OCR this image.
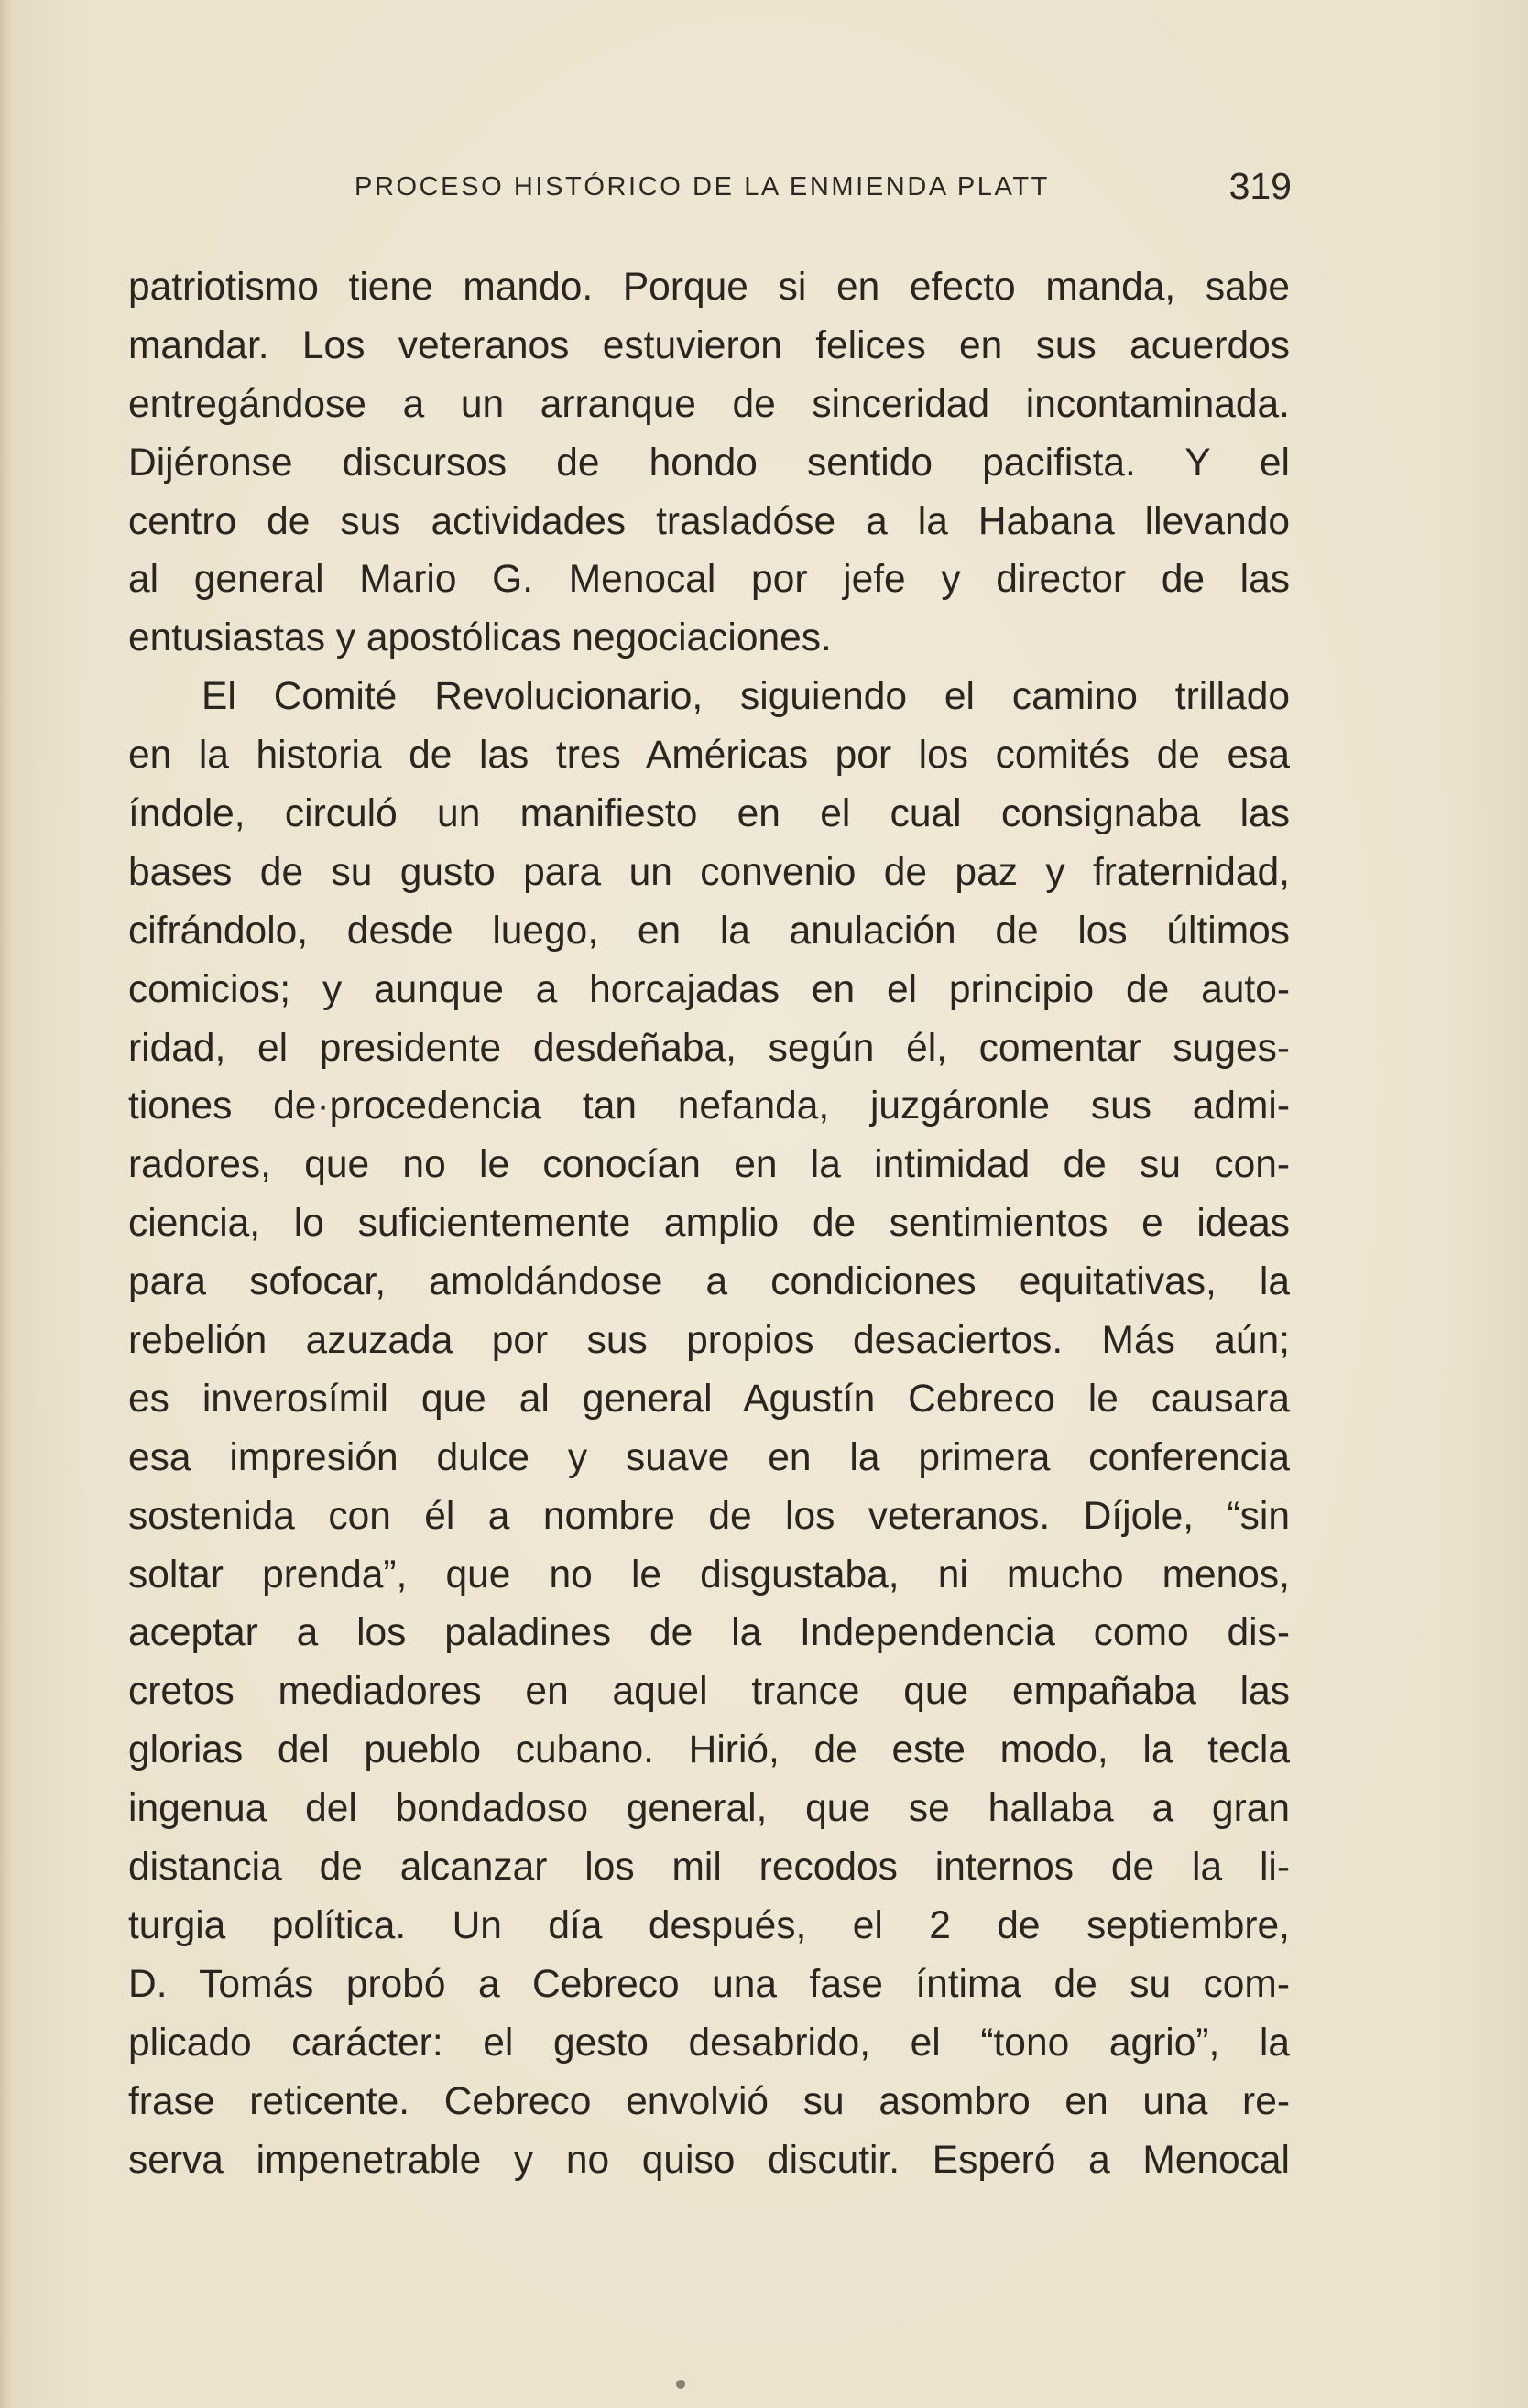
PROCESO HISTÓRICO DE LA ENMIENDA PLATT	319
patriotismo tiene mando. Porque si en efecto manda, sabe
mandar. Los veteranos estuvieron felices en sus acuerdos
entregándose a un arranque de sinceridad incontaminada.
Dijéronse discursos de hondo sentido pacifista. Y el
centro de sus actividades trasladóse a la Habana llevando
al general Mario G. Menocal por jefe y director de las
entusiastas y apostólicas negociaciones.
El Comité Revolucionario, siguiendo el camino trillado
en la historia de las tres Américas por los comités de esa
índole, circuló un manifiesto en el cual consignaba las
bases de su gusto para un convenio de paz y fraternidad,
cifrándolo, desde luego, en la anulación de los últimos
comicios; y aunque a horcajadas en el principio de auto-
ridad, el presidente desdeñaba, según él, comentar suges-
tiones de·procedencia tan nefanda, juzgáronle sus admi-
radores, que no le conocían en la intimidad de su con-
ciencia, lo suficientemente amplio de sentimientos e ideas
para sofocar, amoldándose a condiciones equitativas, la
rebelión azuzada por sus propios desaciertos. Más aún;
es inverosímil que al general Agustín Cebreco le causara
esa impresión dulce y suave en la primera conferencia
sostenida con él a nombre de los veteranos. Díjole, “sin
soltar prenda”, que no le disgustaba, ni mucho menos,
aceptar a los paladines de la Independencia como dis-
cretos mediadores en aquel trance que empañaba las
glorias del pueblo cubano. Hirió, de este modo, la tecla
ingenua del bondadoso general, que se hallaba a gran
distancia de alcanzar los mil recodos internos de la li-
turgia política. Un día después, el 2 de septiembre,
D. Tomás probó a Cebreco una fase íntima de su com-
plicado carácter: el gesto desabrido, el “tono agrio”, la
frase reticente. Cebreco envolvió su asombro en una re-
serva impenetrable y no quiso discutir. Esperó a Menocal
